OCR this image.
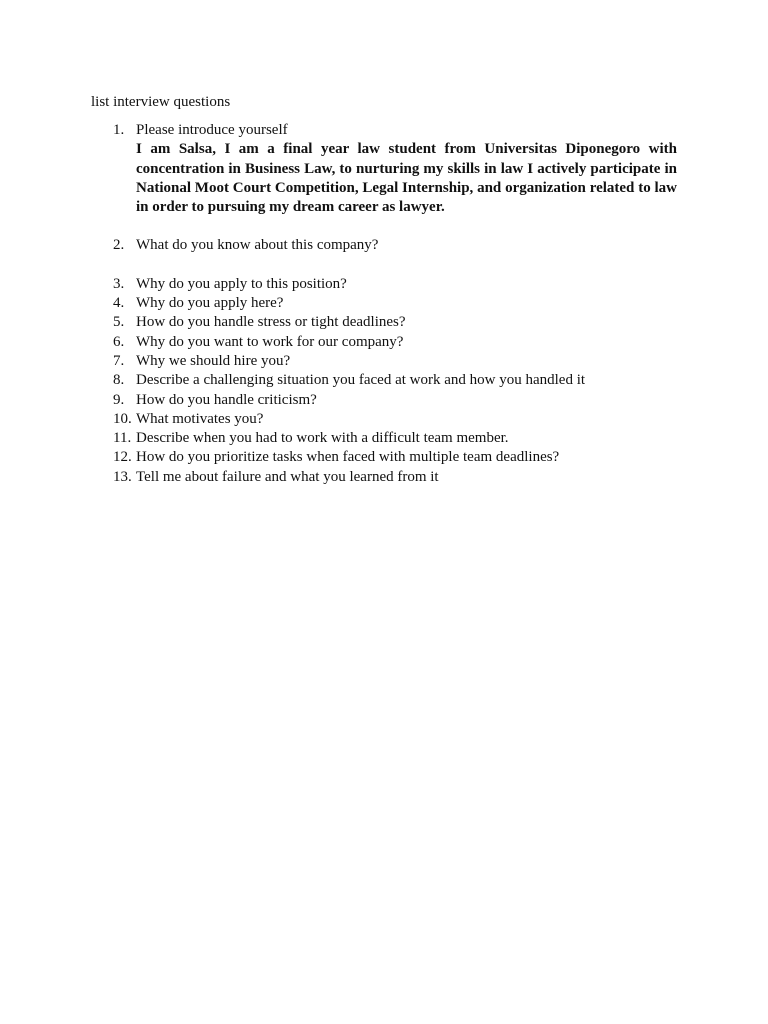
list interview questions

1. Please introduce yourself

I am Salsa, I am a final year law student from Universitas Diponegoro with concentration in Business Law, to nurturing my skills in law I actively participate in National Moot Court Competition, Legal Internship, and organization related to law in order to pursuing my dream career as lawyer.

2. What do you know about this company?
3. Why do you apply to this position?
4. Why do you apply here?
5. How do you handle stress or tight deadlines?
6. Why do you want to work for our company?
7. Why we should hire you?
8. Describe a challenging situation you faced at work and how you handled it
9. How do you handle criticism?
10. What motivates you?
11. Describe when you had to work with a difficult team member.
12. How do you prioritize tasks when faced with multiple team deadlines?
13. Tell me about failure and what you learned from it
